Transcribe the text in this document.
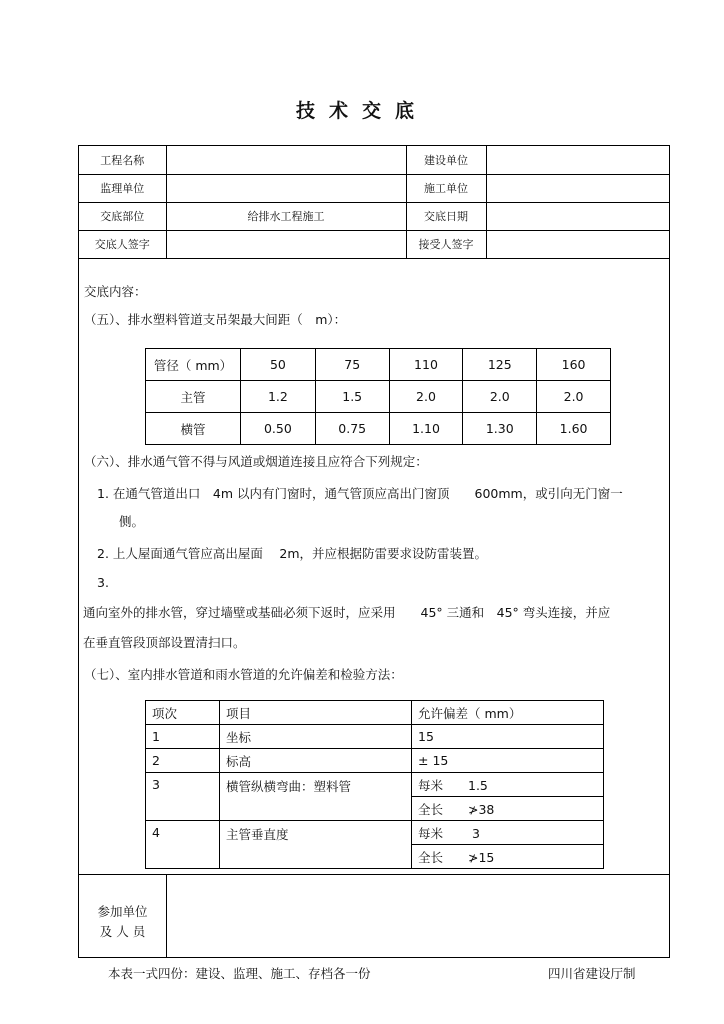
技术交底
工程名称		建设单位	
监理单位		施工单位	
交底部位	给排水工程施工	交底日期	
交底人签字		接受人签字	
交底内容：
（五）、排水塑料管道支吊架最大间距（　m）：
管径（ mm）	50	75	110	125	160
主管	1.2	1.5	2.0	2.0	2.0
横管	0.50	0.75	1.10	1.30	1.60
（六）、排水通气管不得与风道或烟道连接且应符合下列规定：
1. 在通气管道出口　4m 以内有门窗时，通气管顶应高出门窗顶　　600mm，或引向无门窗一
侧。
2. 上人屋面通气管应高出屋面　 2m，并应根据防雷要求设防雷装置。
3.
通向室外的排水管，穿过墙壁或基础必须下返时，应采用　　45° 三通和　45° 弯头连接，并应
在垂直管段顶部设置清扫口。
（七）、室内排水管道和雨水管道的允许偏差和检验方法：
项次	项目	允许偏差（ mm）
1	坐标	15
2	标高	± 15
3	横管纵横弯曲：塑料管	每米　　1.5
		全长　　≯38
4	主管垂直度	每米　　 3
		全长　　≯15
参加单位
及 人 员
本表一式四份：建设、监理、施工、存档各一份	四川省建设厅制
